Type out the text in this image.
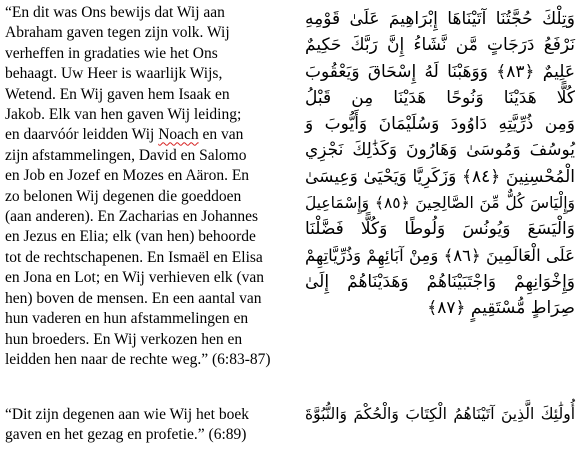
“En dit was Ons bewijs dat Wij aan
Abraham gaven tegen zijn volk. Wij
verheffen in gradaties wie het Ons
behaagt. Uw Heer is waarlijk Wijs,
Wetend. En Wij gaven hem Isaak en
Jakob. Elk van hen gaven Wij leiding;
en daarvóór leidden Wij Noach en van
zijn afstammelingen, David en Salomo
en Job en Jozef en Mozes en Aäron. En
zo belonen Wij degenen die goeddoen
(aan anderen). En Zacharias en Johannes
en Jezus en Elia; elk (van hen) behoorde
tot de rechtschapenen. En Ismaël en Elisa
en Jona en Lot; en Wij verhieven elk (van
hen) boven de mensen. En een aantal van
hun vaderen en hun afstammelingen en
hun broeders. En Wij verkozen hen en
leidden hen naar de rechte weg.” (6:83-87)
“Dit zijn degenen aan wie Wij het boek
gaven en het gezag en profetie.” (6:89)
وَتِلْكَ حُجَّتُنَا آتَيْنَاهَا إِبْرَاهِيمَ عَلَىٰ قَوْمِهِ
نَرْفَعُ دَرَجَاتٍ مَّن نَّشَاءُ إِنَّ رَبَّكَ حَكِيمٌ
عَلِيمٌ ﴿٨٣﴾ وَوَهَبْنَا لَهُ إِسْحَاقَ وَيَعْقُوبَ
كُلًّا هَدَيْنَا وَنُوحًا هَدَيْنَا مِن قَبْلُ
وَمِن ذُرِّيَّتِهِ دَاوُودَ وَسُلَيْمَانَ وَأَيُّوبَ وَ
يُوسُفَ وَمُوسَىٰ وَهَارُونَ وَكَذَٰلِكَ نَجْزِي
الْمُحْسِنِينَ ﴿٨٤﴾ وَزَكَرِيَّا وَيَحْيَىٰ وَعِيسَىٰ
وَإِلْيَاسَ كُلٌّ مِّنَ الصَّالِحِينَ ﴿٨٥﴾ وَإِسْمَاعِيلَ
وَالْيَسَعَ وَيُونُسَ وَلُوطًا وَكُلًّا فَضَّلْنَا
عَلَى الْعَالَمِينَ ﴿٨٦﴾ وَمِنْ آبَائِهِمْ وَذُرِّيَّاتِهِمْ
وَإِخْوَانِهِمْ وَاجْتَبَيْنَاهُمْ وَهَدَيْنَاهُمْ إِلَىٰ
صِرَاطٍ مُّسْتَقِيمٍ ﴿٨٧﴾
أُولَٰئِكَ الَّذِينَ آتَيْنَاهُمُ الْكِتَابَ وَالْحُكْمَ وَالنُّبُوَّةَ
